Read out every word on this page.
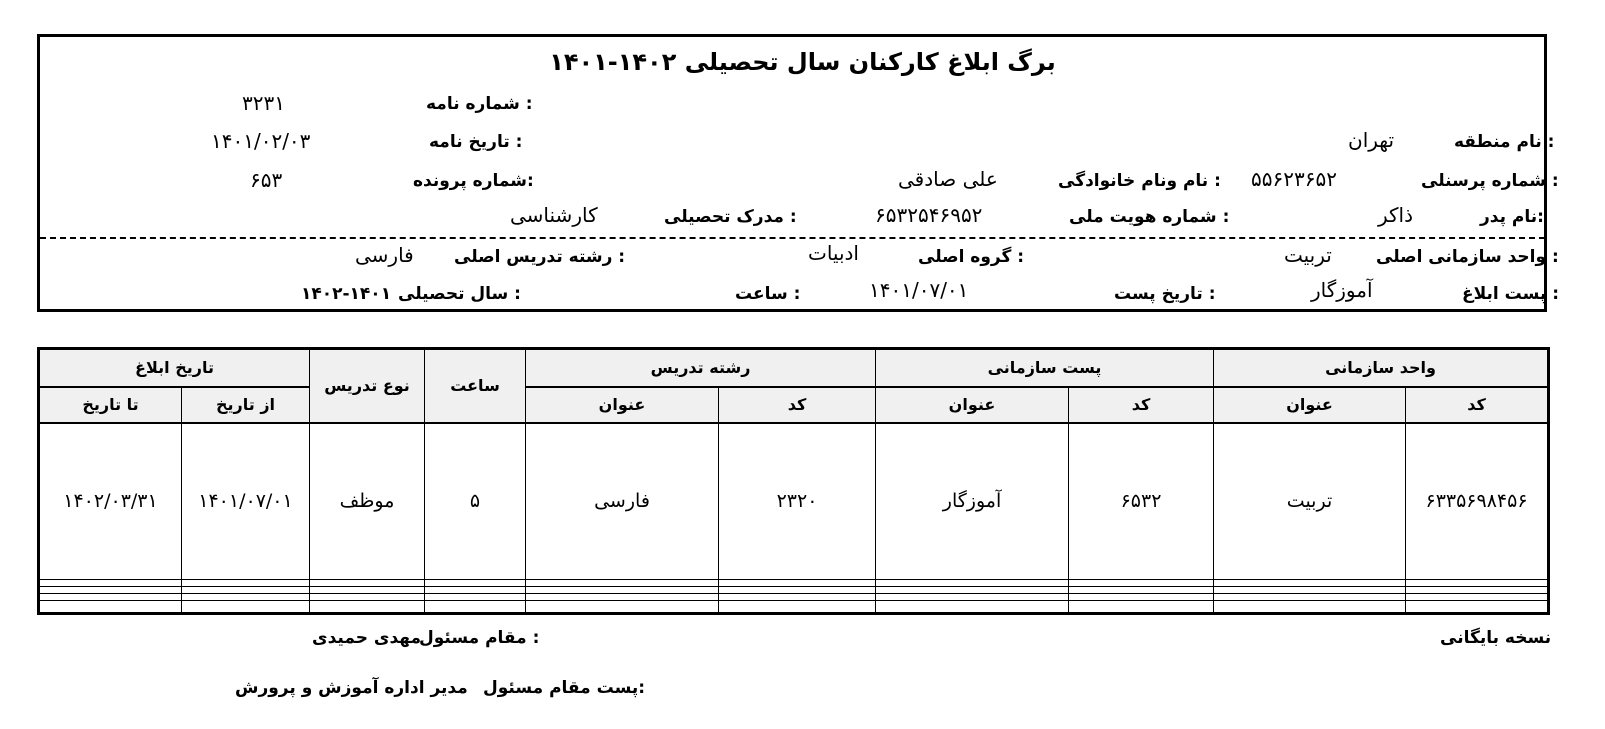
برگ ابلاغ کارکنان سال تحصیلی ۱۴۰۲-۱۴۰۱
شماره نامه :
۳۲۳۱
تاریخ نامه :
۱۴۰۱/۰۲/۰۳	نام منطقه :
تهران
شماره پرونده:
۶۵۳	نام ونام خانوادگی :
علی صادقی	شماره پرسنلی :
۵۵۶۲۳۶۵۲
مدرک تحصیلی :
کارشناسی	شماره هویت ملی :
۶۵۳۲۵۴۶۹۵۲	نام پدر:
ذاکر
رشته تدریس اصلی :
فارسی	گروه اصلی :
ادبیات	واحد سازمانی اصلی :
تربیت
سال تحصیلی :
۱۴۰۲-۱۴۰۱	ساعت :	تاریخ پست :
۱۴۰۱/۰۷/۰۱	پست ابلاغ :
آموزگار
تاریخ ابلاغ		نوع تدریس	ساعت	رشته تدریس		پست سازمانی		واحد سازمانی	
تا تاریخ	از تاریخ			عنوان	کد	عنوان	کد	عنوان	کد
۱۴۰۲/۰۳/۳۱	۱۴۰۱/۰۷/۰۱	موظف	۵	فارسی	۲۳۲۰	آموزگار	۶۵۳۲	تربیت	۶۳۳۵۶۹۸۴۵۶

نسخه بایگانی
مقام مسئول :
مهدی حمیدی
پست مقام مسئول:
مدیر اداره آموزش و پرورش
